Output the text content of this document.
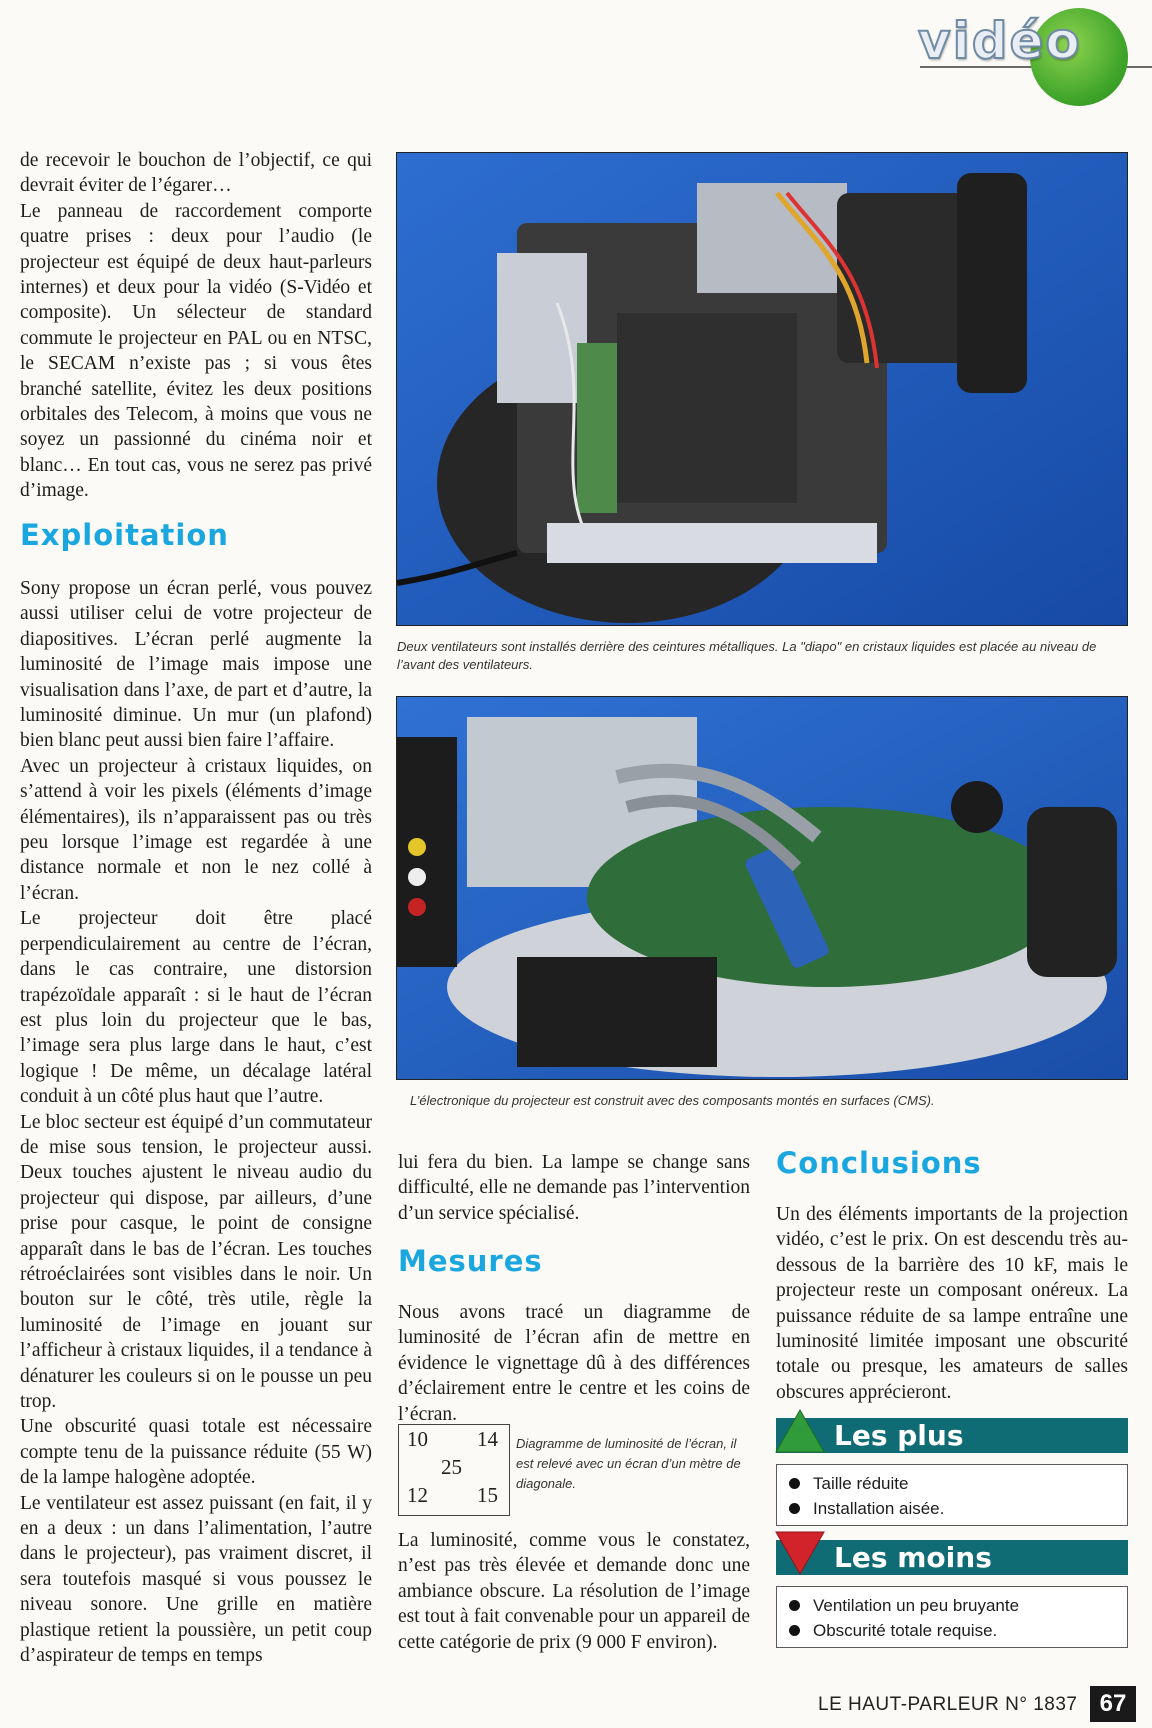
vidéo

de recevoir le bouchon de l’objectif, ce qui devrait éviter de l’égarer…

Le panneau de raccordement comporte quatre prises : deux pour l’audio (le projecteur est équipé de deux haut-parleurs internes) et deux pour la vidéo (S-Vidéo et composite). Un sélecteur de standard commute le projecteur en PAL ou en NTSC, le SECAM n’existe pas ; si vous êtes branché satellite, évitez les deux positions orbitales des Telecom, à moins que vous ne soyez un passionné du cinéma noir et blanc… En tout cas, vous ne serez pas privé d’image.

Exploitation

Sony propose un écran perlé, vous pouvez aussi utiliser celui de votre projecteur de diapositives. L’écran perlé augmente la luminosité de l’image mais impose une visualisation dans l’axe, de part et d’autre, la luminosité diminue. Un mur (un plafond) bien blanc peut aussi bien faire l’affaire.

Avec un projecteur à cristaux liquides, on s’attend à voir les pixels (éléments d’image élémentaires), ils n’apparaissent pas ou très peu lorsque l’image est regardée à une distance normale et non le nez collé à l’écran.

Le projecteur doit être placé perpendiculairement au centre de l’écran, dans le cas contraire, une distorsion trapézoïdale apparaît : si le haut de l’écran est plus loin du projecteur que le bas, l’image sera plus large dans le haut, c’est logique ! De même, un décalage latéral conduit à un côté plus haut que l’autre.

Le bloc secteur est équipé d’un commutateur de mise sous tension, le projecteur aussi. Deux touches ajustent le niveau audio du projecteur qui dispose, par ailleurs, d’une prise pour casque, le point de consigne apparaît dans le bas de l’écran. Les touches rétroéclairées sont visibles dans le noir. Un bouton sur le côté, très utile, règle la luminosité de l’image en jouant sur l’afficheur à cristaux liquides, il a tendance à dénaturer les couleurs si on le pousse un peu trop.

Une obscurité quasi totale est nécessaire compte tenu de la puissance réduite (55 W) de la lampe halogène adoptée.

Le ventilateur est assez puissant (en fait, il y en a deux : un dans l’alimentation, l’autre dans le projecteur), pas vraiment discret, il sera toutefois masqué si vous poussez le niveau sonore. Une grille en matière plastique retient la poussière, un petit coup d’aspirateur de temps en temps

Deux ventilateurs sont installés derrière des ceintures métalliques. La "diapo" en cristaux liquides est placée au niveau de l’avant des ventilateurs.
L’électronique du projecteur est construit avec des composants montés en surfaces (CMS).
lui fera du bien. La lampe se change sans difficulté, elle ne demande pas l’intervention d’un service spécialisé.
Mesures
Nous avons tracé un diagramme de luminosité de l’écran afin de mettre en évidence le vignettage dû à des différences d’éclairement entre le centre et les coins de l’écran.
10 14
25
12 15
Diagramme de luminosité de l’écran, il est relevé avec un écran d’un mètre de diagonale.
La luminosité, comme vous le constatez, n’est pas très élevée et demande donc une ambiance obscure. La résolution de l’image est tout à fait convenable pour un appareil de cette catégorie de prix (9 000 F environ).
Conclusions
Un des éléments importants de la projection vidéo, c’est le prix. On est descendu très au-dessous de la barrière des 10 kF, mais le projecteur reste un composant onéreux. La puissance réduite de sa lampe entraîne une luminosité limitée imposant une obscurité totale ou presque, les amateurs de salles obscures apprécieront.
Les plus
Taille réduite
Installation aisée.
Les moins
Ventilation un peu bruyante
Obscurité totale requise.
LE HAUT-PARLEUR N° 1837 67
